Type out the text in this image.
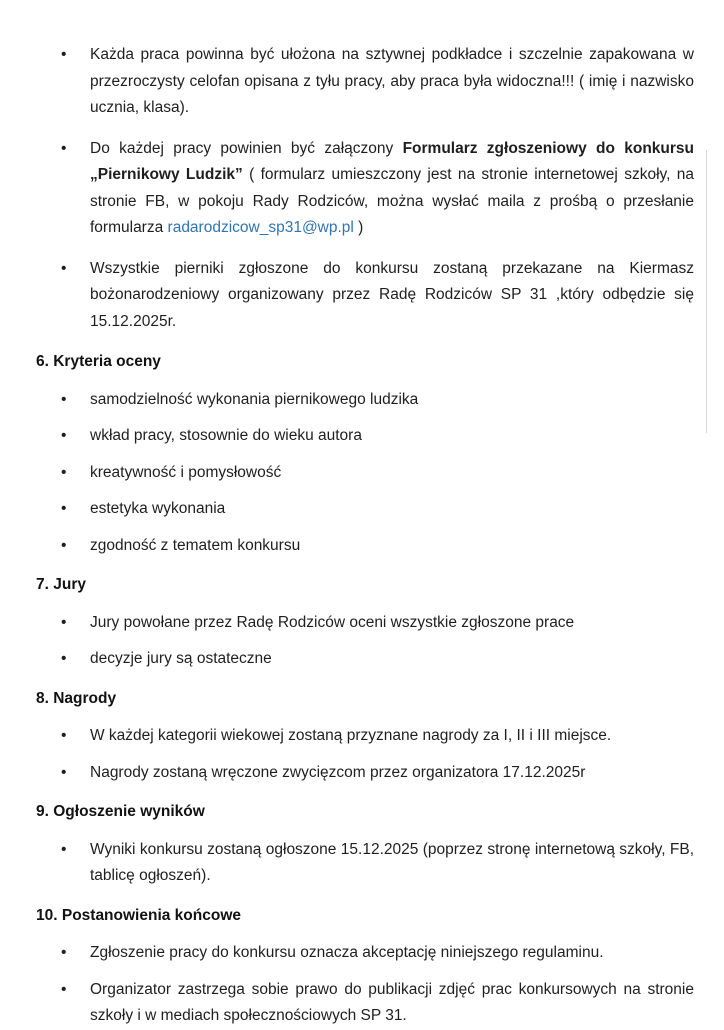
• Każda praca powinna być ułożona na sztywnej podkładce i szczelnie zapakowana w przezroczysty celofan opisana z tyłu pracy, aby praca była widoczna!!! ( imię i nazwisko ucznia, klasa).
• Do każdej pracy powinien być załączony Formularz zgłoszeniowy do konkursu „Piernikowy Ludzik” ( formularz umieszczony jest na stronie internetowej szkoły, na stronie FB, w pokoju Rady Rodziców, można wysłać maila z prośbą o przesłanie formularza radarodzicow_sp31@wp.pl )
• Wszystkie pierniki zgłoszone do konkursu zostaną przekazane na Kiermasz bożonarodzeniowy organizowany przez Radę Rodziców SP 31 ,który odbędzie się 15.12.2025r.
6. Kryteria oceny
• samodzielność wykonania piernikowego ludzika
• wkład pracy, stosownie do wieku autora
• kreatywność i pomysłowość
• estetyka wykonania
• zgodność z tematem konkursu
7. Jury
• Jury powołane przez Radę Rodziców oceni wszystkie zgłoszone prace
• decyzje jury są ostateczne
8. Nagrody
• W każdej kategorii wiekowej zostaną przyznane nagrody za I, II i III miejsce.
• Nagrody zostaną wręczone zwycięzcom przez organizatora 17.12.2025r
9. Ogłoszenie wyników
• Wyniki konkursu zostaną ogłoszone 15.12.2025 (poprzez stronę internetową szkoły, FB, tablicę ogłoszeń).
10. Postanowienia końcowe
• Zgłoszenie pracy do konkursu oznacza akceptację niniejszego regulaminu.
• Organizator zastrzega sobie prawo do publikacji zdjęć prac konkursowych na stronie szkoły i w mediach społecznościowych SP 31.
